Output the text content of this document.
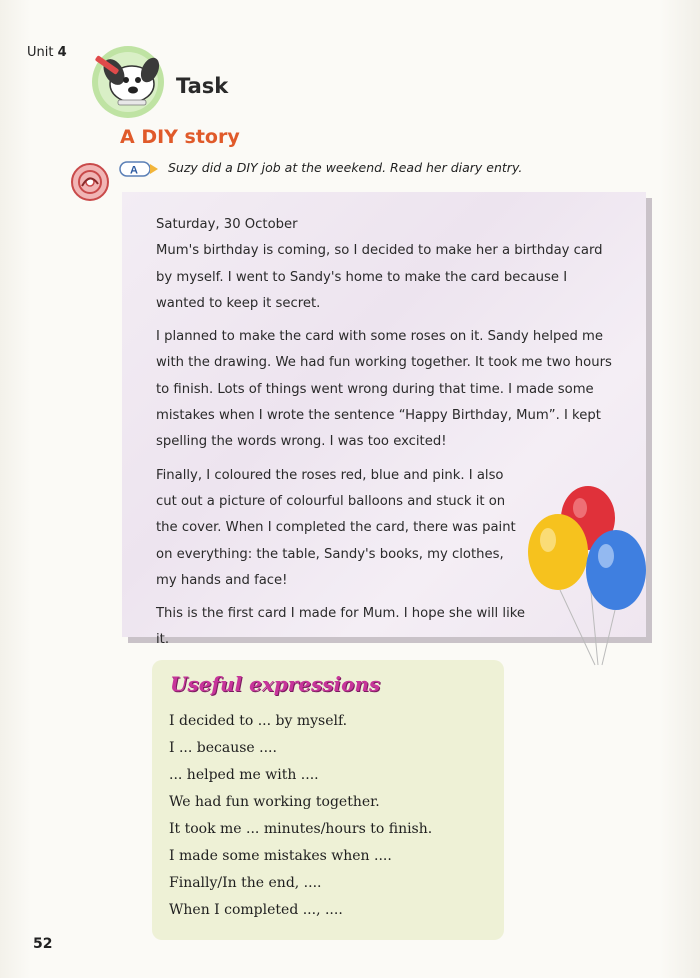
Unit 4
Task
A DIY story
A Suzy did a DIY job at the weekend. Read her diary entry.

Saturday, 30 October

Mum's birthday is coming, so I decided to make her a birthday card by myself. I went to Sandy's home to make the card because I wanted to keep it secret.

I planned to make the card with some roses on it. Sandy helped me with the drawing. We had fun working together. It took me two hours to finish. Lots of things went wrong during that time. I made some mistakes when I wrote the sentence “Happy Birthday, Mum”. I kept spelling the words wrong. I was too excited!

Finally, I coloured the roses red, blue and pink. I also cut out a picture of colourful balloons and stuck it on the cover. When I completed the card, there was paint on everything: the table, Sandy's books, my clothes, my hands and face!

This is the first card I made for Mum. I hope she will like it.

Useful expressions
I decided to ... by myself.
I ... because ....
... helped me with ....
We had fun working together.
It took me ... minutes/hours to finish.
I made some mistakes when ....
Finally/In the end, ....
When I completed ..., ....
52
